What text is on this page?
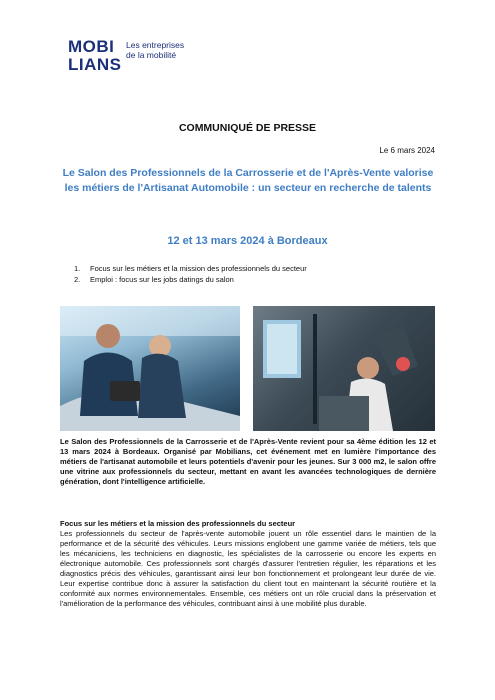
MOBI
LIANS
Les entreprises
de la mobilité
COMMUNIQUÉ DE PRESSE
Le 6 mars 2024
Le Salon des Professionnels de la Carrosserie et de l'Après-Vente valorise les métiers de l'Artisanat Automobile : un secteur en recherche de talents
12 et 13 mars 2024 à Bordeaux
1.	Focus sur les métiers et la mission des professionnels du secteur
2.	Emploi : focus sur les jobs datings du salon

Le Salon des Professionnels de la Carrosserie et de l'Après-Vente revient pour sa 4ème édition les 12 et 13 mars 2024 à Bordeaux. Organisé par Mobilians, cet événement met en lumière l'importance des métiers de l'artisanat automobile et leurs potentiels d'avenir pour les jeunes. Sur 3 000 m2, le salon offre une vitrine aux professionnels du secteur, mettant en avant les avancées technologiques de dernière génération, dont l'intelligence artificielle.

Focus sur les métiers et la mission des professionnels du secteur

Les professionnels du secteur de l'après-vente automobile jouent un rôle essentiel dans le maintien de la performance et de la sécurité des véhicules. Leurs missions englobent une gamme variée de métiers, tels que les mécaniciens, les techniciens en diagnostic, les spécialistes de la carrosserie ou encore les experts en électronique automobile. Ces professionnels sont chargés d'assurer l'entretien régulier, les réparations et les diagnostics précis des véhicules, garantissant ainsi leur bon fonctionnement et prolongeant leur durée de vie. Leur expertise contribue donc à assurer la satisfaction du client tout en maintenant la sécurité routière et la conformité aux normes environnementales. Ensemble, ces métiers ont un rôle crucial dans la préservation et l'amélioration de la performance des véhicules, contribuant ainsi à une mobilité plus durable.
